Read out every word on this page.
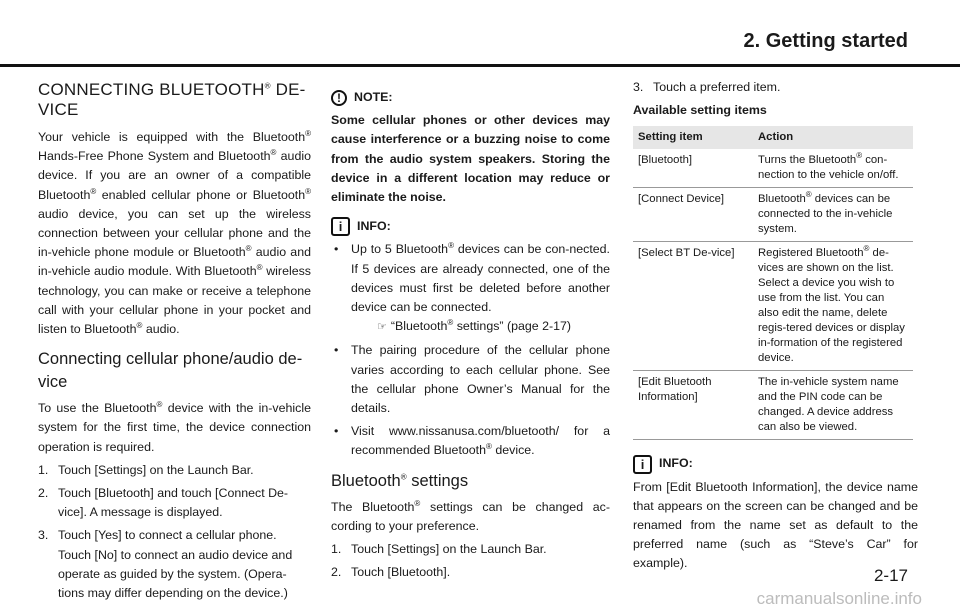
2. Getting started
CONNECTING BLUETOOTH® DE-VICE

Your vehicle is equipped with the Bluetooth® Hands-Free Phone System and Bluetooth® audio device. If you are an owner of a compatible Bluetooth® enabled cellular phone or Bluetooth® audio device, you can set up the wireless connection between your cellular phone and the in-vehicle phone module or Bluetooth® audio and in-vehicle audio module. With Bluetooth® wireless technology, you can make or receive a telephone call with your cellular phone in your pocket and listen to Bluetooth® audio.

Connecting cellular phone/audio de-vice

To use the Bluetooth® device with the in-vehicle system for the first time, the device connection operation is required.

1. Touch [Settings] on the Launch Bar.
2. Touch [Bluetooth] and touch [Connect De-vice]. A message is displayed.
3. Touch [Yes] to connect a cellular phone. Touch [No] to connect an audio device and operate as guided by the system. (Opera-tions may differ depending on the device.)
!	NOTE:

Some cellular phones or other devices may cause interference or a buzzing noise to come from the audio system speakers. Storing the device in a different location may reduce or eliminate the noise.

i	INFO:
• Up to 5 Bluetooth® devices can be con-nected. If 5 devices are already connected, one of the devices must first be deleted before another device can be connected.
☞ “Bluetooth® settings” (page 2-17)
• The pairing procedure of the cellular phone varies according to each cellular phone. See the cellular phone Owner’s Manual for the details.
• Visit www.nissanusa.com/bluetooth/ for a recommended Bluetooth® device.
Bluetooth® settings

The Bluetooth® settings can be changed ac-cording to your preference.

1. Touch [Settings] on the Launch Bar.
2. Touch [Bluetooth].
3. Touch a preferred item.
Available setting items
Setting item	Action
[Bluetooth]	Turns the Bluetooth® con-nection to the vehicle on/off.
[Connect Device]	Bluetooth® devices can be connected to the in-vehicle system.
[Select BT De-vice]	Registered Bluetooth® de-vices are shown on the list. Select a device you wish to use from the list. You can also edit the name, delete regis-tered devices or display in-formation of the registered device.
[Edit Bluetooth Information]	The in-vehicle system name and the PIN code can be changed. A device address can also be viewed.
i	INFO:

From [Edit Bluetooth Information], the device name that appears on the screen can be changed and be renamed from the name set as default to the preferred name (such as “Steve’s Car” for example).

2-17
carmanualsonline.info
